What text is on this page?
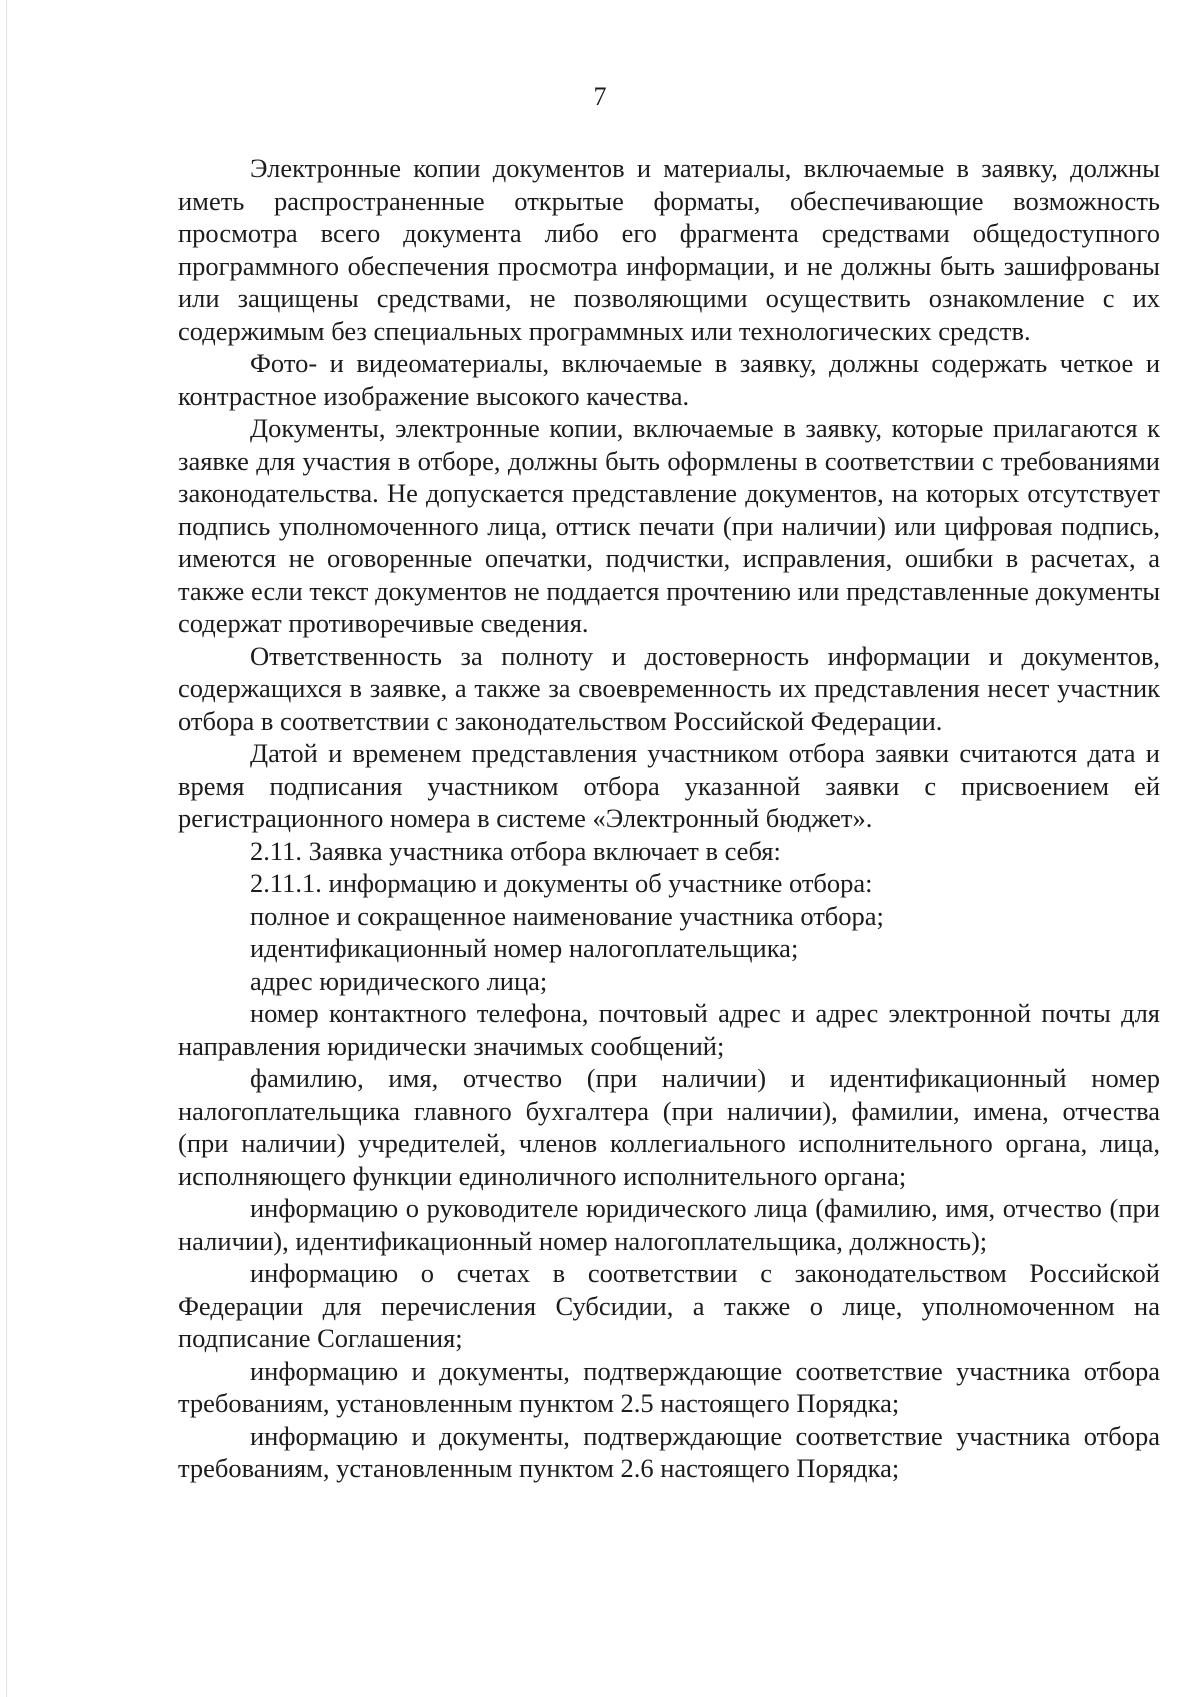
7

Электронные копии документов и материалы, включаемые в заявку, должны иметь распространенные открытые форматы, обеспечивающие возможность просмотра всего документа либо его фрагмента средствами общедоступного программного обеспечения просмотра информации, и не должны быть зашифрованы или защищены средствами, не позволяющими осуществить ознакомление с их содержимым без специальных программных или технологических средств.

Фото- и видеоматериалы, включаемые в заявку, должны содержать четкое и контрастное изображение высокого качества.

Документы, электронные копии, включаемые в заявку, которые прилагаются к заявке для участия в отборе, должны быть оформлены в соответствии с требованиями законодательства. Не допускается представление документов, на которых отсутствует подпись уполномоченного лица, оттиск печати (при наличии) или цифровая подпись, имеются не оговоренные опечатки, подчистки, исправления, ошибки в расчетах, а также если текст документов не поддается прочтению или представленные документы содержат противоречивые сведения.

Ответственность за полноту и достоверность информации и документов, содержащихся в заявке, а также за своевременность их представления несет участник отбора в соответствии с законодательством Российской Федерации.

Датой и временем представления участником отбора заявки считаются дата и время подписания участником отбора указанной заявки с присвоением ей регистрационного номера в системе «Электронный бюджет».

2.11. Заявка участника отбора включает в себя:

2.11.1. информацию и документы об участнике отбора:

полное и сокращенное наименование участника отбора;

идентификационный номер налогоплательщика;

адрес юридического лица;

номер контактного телефона, почтовый адрес и адрес электронной почты для направления юридически значимых сообщений;

фамилию, имя, отчество (при наличии) и идентификационный номер налогоплательщика главного бухгалтера (при наличии), фамилии, имена, отчества (при наличии) учредителей, членов коллегиального исполнительного органа, лица, исполняющего функции единоличного исполнительного органа;

информацию о руководителе юридического лица (фамилию, имя, отчество (при наличии), идентификационный номер налогоплательщика, должность);

информацию о счетах в соответствии с законодательством Российской Федерации для перечисления Субсидии, а также о лице, уполномоченном на подписание Соглашения;

информацию и документы, подтверждающие соответствие участника отбора требованиям, установленным пунктом 2.5 настоящего Порядка;

информацию и документы, подтверждающие соответствие участника отбора требованиям, установленным пунктом 2.6 настоящего Порядка;
